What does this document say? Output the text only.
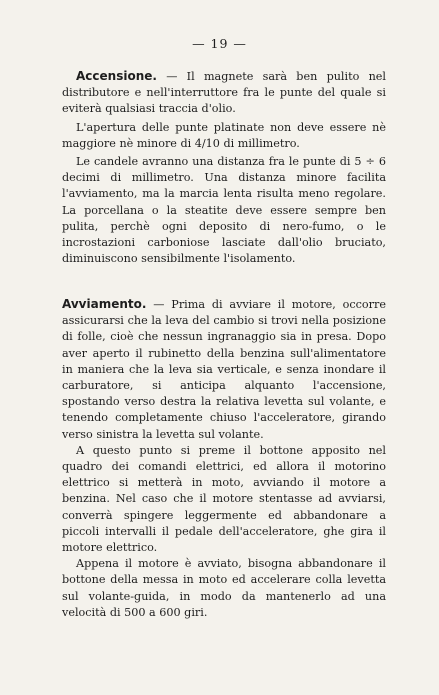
— 19 —

Accensione. — Il magnete sarà ben pulito nel distributore e nell'interruttore fra le punte del quale si eviterà qualsiasi traccia d'olio.

L'apertura delle punte platinate non deve essere nè maggiore nè minore di 4/10 di millimetro.

Le candele avranno una distanza fra le punte di 5 ÷ 6 decimi di millimetro. Una distanza minore facilita l'avviamento, ma la marcia lenta risulta meno regolare. La porcellana o la steatite deve essere sempre ben pulita, perchè ogni deposito di nero-fumo, o le incrostazioni carboniose lasciate dall'olio bruciato, diminuiscono sensibilmente l'isolamento.

Avviamento. — Prima di avviare il motore, occorre assicurarsi che la leva del cambio si trovi nella posizione di folle, cioè che nessun ingranaggio sia in presa. Dopo aver aperto il rubinetto della benzina sull'alimentatore in maniera che la leva sia verticale, e senza inondare il carburatore, si anticipa alquanto l'accensione, spostando verso destra la relativa levetta sul volante, e tenendo completamente chiuso l'acceleratore, girando verso sinistra la levetta sul volante.

A questo punto si preme il bottone apposito nel quadro dei comandi elettrici, ed allora il motorino elettrico si metterà in moto, avviando il motore a benzina. Nel caso che il motore stentasse ad avviarsi, converrà spingere leggermente ed abbandonare a piccoli intervalli il pedale dell'acceleratore, ghe gira il motore elettrico.

Appena il motore è avviato, bisogna abbandonare il bottone della messa in moto ed accelerare colla levetta sul volante-guida, in modo da mantenerlo ad una velocità di 500 a 600 giri.
